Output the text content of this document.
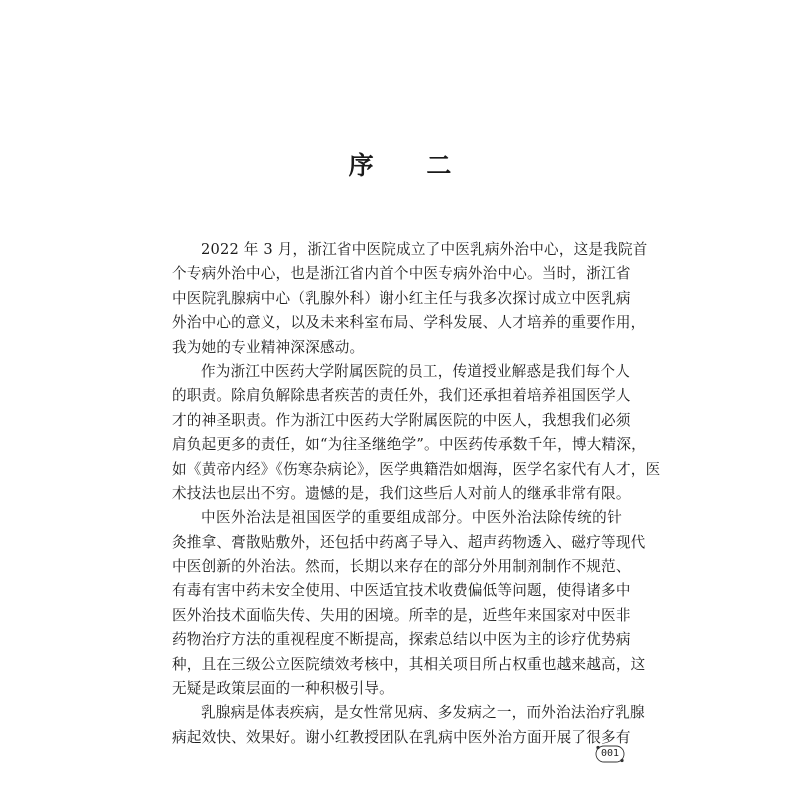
序 二

2022 年 3 月，浙江省中医院成立了中医乳病外治中心，这是我院首
个专病外治中心，也是浙江省内首个中医专病外治中心。当时，浙江省
中医院乳腺病中心（乳腺外科）谢小红主任与我多次探讨成立中医乳病
外治中心的意义，以及未来科室布局、学科发展、人才培养的重要作用，
我为她的专业精神深深感动。

作为浙江中医药大学附属医院的员工，传道授业解惑是我们每个人
的职责。除肩负解除患者疾苦的责任外，我们还承担着培养祖国医学人
才的神圣职责。作为浙江中医药大学附属医院的中医人，我想我们必须
肩负起更多的责任，如“为往圣继绝学”。中医药传承数千年，博大精深，
如《黄帝内经》《伤寒杂病论》，医学典籍浩如烟海，医学名家代有人才，医
术技法也层出不穷。遗憾的是，我们这些后人对前人的继承非常有限。

中医外治法是祖国医学的重要组成部分。中医外治法除传统的针
灸推拿、膏散贴敷外，还包括中药离子导入、超声药物透入、磁疗等现代
中医创新的外治法。然而，长期以来存在的部分外用制剂制作不规范、
有毒有害中药未安全使用、中医适宜技术收费偏低等问题，使得诸多中
医外治技术面临失传、失用的困境。所幸的是，近些年来国家对中医非
药物治疗方法的重视程度不断提高，探索总结以中医为主的诊疗优势病
种，且在三级公立医院绩效考核中，其相关项目所占权重也越来越高，这
无疑是政策层面的一种积极引导。

乳腺病是体表疾病，是女性常见病、多发病之一，而外治法治疗乳腺
病起效快、效果好。谢小红教授团队在乳病中医外治方面开展了很多有

001
